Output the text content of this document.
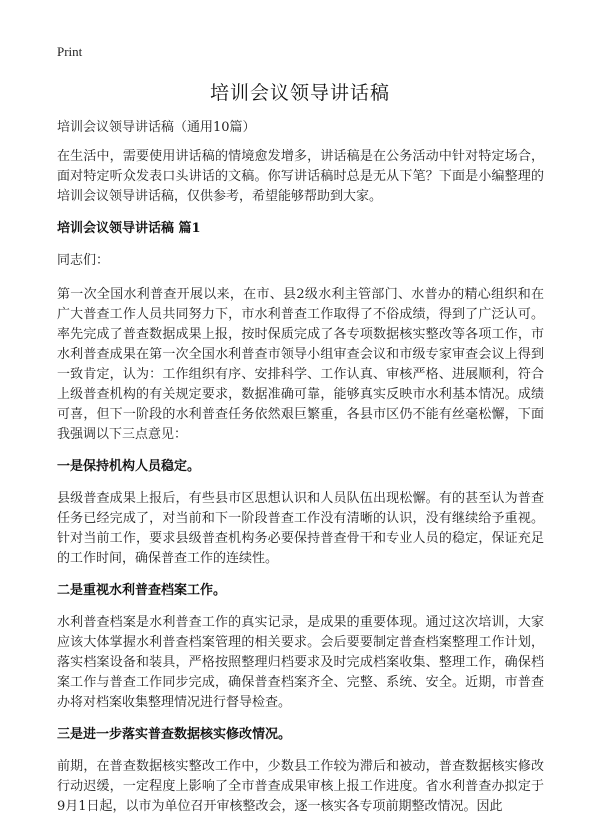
Print
培训会议领导讲话稿

培训会议领导讲话稿（通用10篇）

在生活中，需要使用讲话稿的情境愈发增多，讲话稿是在公务活动中针对特定场合，面对特定听众发表口头讲话的文稿。你写讲话稿时总是无从下笔？下面是小编整理的培训会议领导讲话稿，仅供参考，希望能够帮助到大家。

培训会议领导讲话稿 篇1

同志们：

第一次全国水利普查开展以来，在市、县2级水利主管部门、水普办的精心组织和在广大普查工作人员共同努力下，市水利普查工作取得了不俗成绩，得到了广泛认可。率先完成了普查数据成果上报，按时保质完成了各专项数据核实整改等各项工作，市水利普查成果在第一次全国水利普查市领导小组审查会议和市级专家审查会议上得到一致肯定，认为：工作组织有序、安排科学、工作认真、审核严格、进展顺利，符合上级普查机构的有关规定要求，数据准确可靠，能够真实反映市水利基本情况。成绩可喜，但下一阶段的水利普查任务依然艰巨繁重，各县市区仍不能有丝毫松懈，下面我强调以下三点意见：

一是保持机构人员稳定。

县级普查成果上报后，有些县市区思想认识和人员队伍出现松懈。有的甚至认为普查任务已经完成了，对当前和下一阶段普查工作没有清晰的认识，没有继续给予重视。针对当前工作，要求县级普查机构务必要保持普查骨干和专业人员的稳定，保证充足的工作时间，确保普查工作的连续性。

二是重视水利普查档案工作。

水利普查档案是水利普查工作的真实记录，是成果的重要体现。通过这次培训，大家应该大体掌握水利普查档案管理的相关要求。会后要要制定普查档案整理工作计划，落实档案设备和装具，严格按照整理归档要求及时完成档案收集、整理工作，确保档案工作与普查工作同步完成，确保普查档案齐全、完整、系统、安全。近期，市普查办将对档案收集整理情况进行督导检查。

三是进一步落实普查数据核实修改情况。

前期，在普查数据核实整改工作中，少数县工作较为滞后和被动，普查数据核实修改行动迟缓，一定程度上影响了全市普查成果审核上报工作进度。省水利普查办拟定于9月1日起，以市为单位召开审核整改会，逐一核实各专项前期整改情况。因此
